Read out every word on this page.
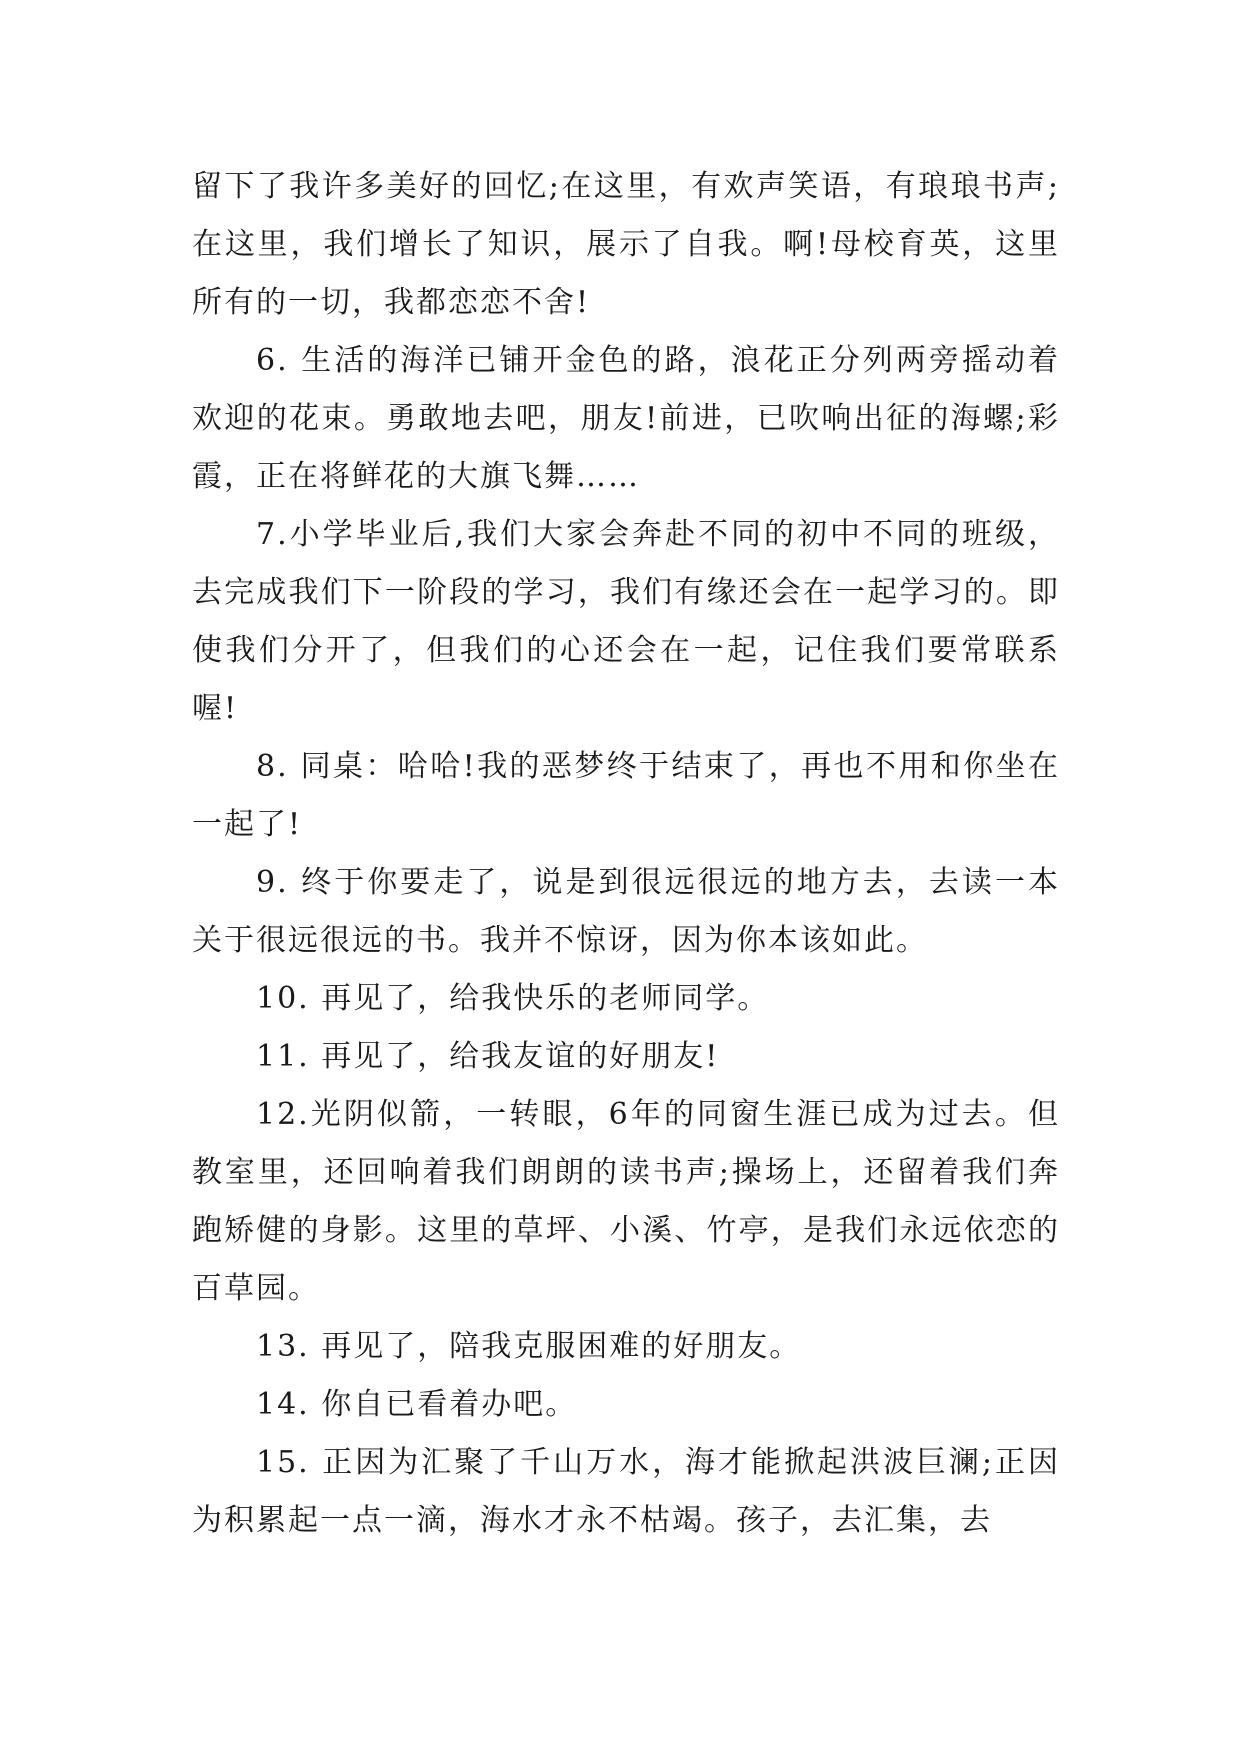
留下了我许多美好的回忆;在这里，有欢声笑语，有琅琅书声;在这里，我们增长了知识，展示了自我。啊!母校育英，这里所有的一切，我都恋恋不舍!

6. 生活的海洋已铺开金色的路，浪花正分列两旁摇动着欢迎的花束。勇敢地去吧，朋友!前进，已吹响出征的海螺;彩霞，正在将鲜花的大旗飞舞……

7.小学毕业后,我们大家会奔赴不同的初中不同的班级，去完成我们下一阶段的学习，我们有缘还会在一起学习的。即使我们分开了，但我们的心还会在一起，记住我们要常联系喔!

8. 同桌：哈哈!我的恶梦终于结束了，再也不用和你坐在一起了!

9. 终于你要走了，说是到很远很远的地方去，去读一本关于很远很远的书。我并不惊讶，因为你本该如此。

10. 再见了，给我快乐的老师同学。

11. 再见了，给我友谊的好朋友!

12.光阴似箭，一转眼，6年的同窗生涯已成为过去。但教室里，还回响着我们朗朗的读书声;操场上，还留着我们奔跑矫健的身影。这里的草坪、小溪、竹亭，是我们永远依恋的百草园。

13. 再见了，陪我克服困难的好朋友。

14. 你自已看着办吧。

15. 正因为汇聚了千山万水，海才能掀起洪波巨澜;正因为积累起一点一滴，海水才永不枯竭。孩子，去汇集，去
